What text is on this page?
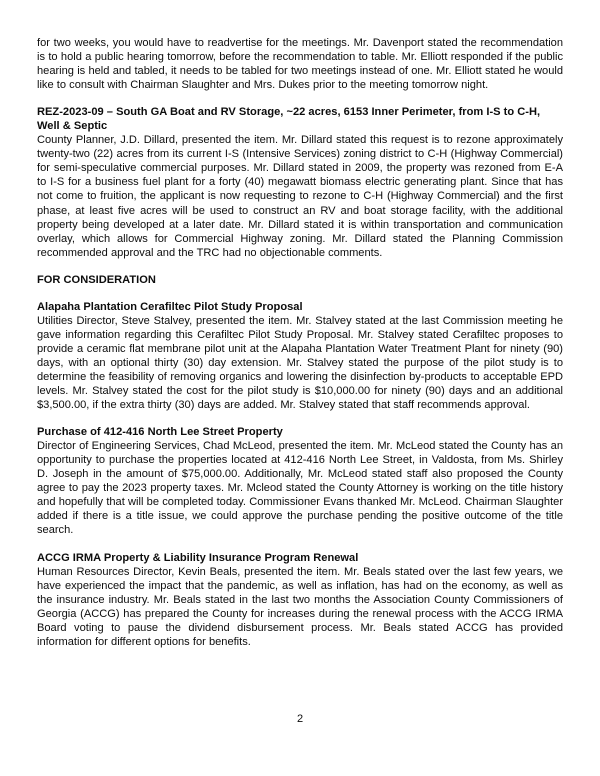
for two weeks, you would have to readvertise for the meetings. Mr. Davenport stated the recommendation is to hold a public hearing tomorrow, before the recommendation to table. Mr. Elliott responded if the public hearing is held and tabled, it needs to be tabled for two meetings instead of one. Mr. Elliott stated he would like to consult with Chairman Slaughter and Mrs. Dukes prior to the meeting tomorrow night.

REZ-2023-09 – South GA Boat and RV Storage, ~22 acres, 6153 Inner Perimeter, from I-S to C-H, Well & Septic

County Planner, J.D. Dillard, presented the item. Mr. Dillard stated this request is to rezone approximately twenty-two (22) acres from its current I-S (Intensive Services) zoning district to C-H (Highway Commercial) for semi-speculative commercial purposes. Mr. Dillard stated in 2009, the property was rezoned from E-A to I-S for a business fuel plant for a forty (40) megawatt biomass electric generating plant. Since that has not come to fruition, the applicant is now requesting to rezone to C-H (Highway Commercial) and the first phase, at least five acres will be used to construct an RV and boat storage facility, with the additional property being developed at a later date. Mr. Dillard stated it is within transportation and communication overlay, which allows for Commercial Highway zoning. Mr. Dillard stated the Planning Commission recommended approval and the TRC had no objectionable comments.

FOR CONSIDERATION
Alapaha Plantation Cerafiltec Pilot Study Proposal

Utilities Director, Steve Stalvey, presented the item. Mr. Stalvey stated at the last Commission meeting he gave information regarding this Cerafiltec Pilot Study Proposal. Mr. Stalvey stated Cerafiltec proposes to provide a ceramic flat membrane pilot unit at the Alapaha Plantation Water Treatment Plant for ninety (90) days, with an optional thirty (30) day extension. Mr. Stalvey stated the purpose of the pilot study is to determine the feasibility of removing organics and lowering the disinfection by-products to acceptable EPD levels. Mr. Stalvey stated the cost for the pilot study is $10,000.00 for ninety (90) days and an additional $3,500.00, if the extra thirty (30) days are added. Mr. Stalvey stated that staff recommends approval.

Purchase of 412-416 North Lee Street Property

Director of Engineering Services, Chad McLeod, presented the item. Mr. McLeod stated the County has an opportunity to purchase the properties located at 412-416 North Lee Street, in Valdosta, from Ms. Shirley D. Joseph in the amount of $75,000.00. Additionally, Mr. McLeod stated staff also proposed the County agree to pay the 2023 property taxes. Mr. Mcleod stated the County Attorney is working on the title history and hopefully that will be completed today. Commissioner Evans thanked Mr. McLeod. Chairman Slaughter added if there is a title issue, we could approve the purchase pending the positive outcome of the title search.

ACCG IRMA Property & Liability Insurance Program Renewal

Human Resources Director, Kevin Beals, presented the item. Mr. Beals stated over the last few years, we have experienced the impact that the pandemic, as well as inflation, has had on the economy, as well as the insurance industry. Mr. Beals stated in the last two months the Association County Commissioners of Georgia (ACCG) has prepared the County for increases during the renewal process with the ACCG IRMA Board voting to pause the dividend disbursement process. Mr. Beals stated ACCG has provided information for different options for benefits.

2
